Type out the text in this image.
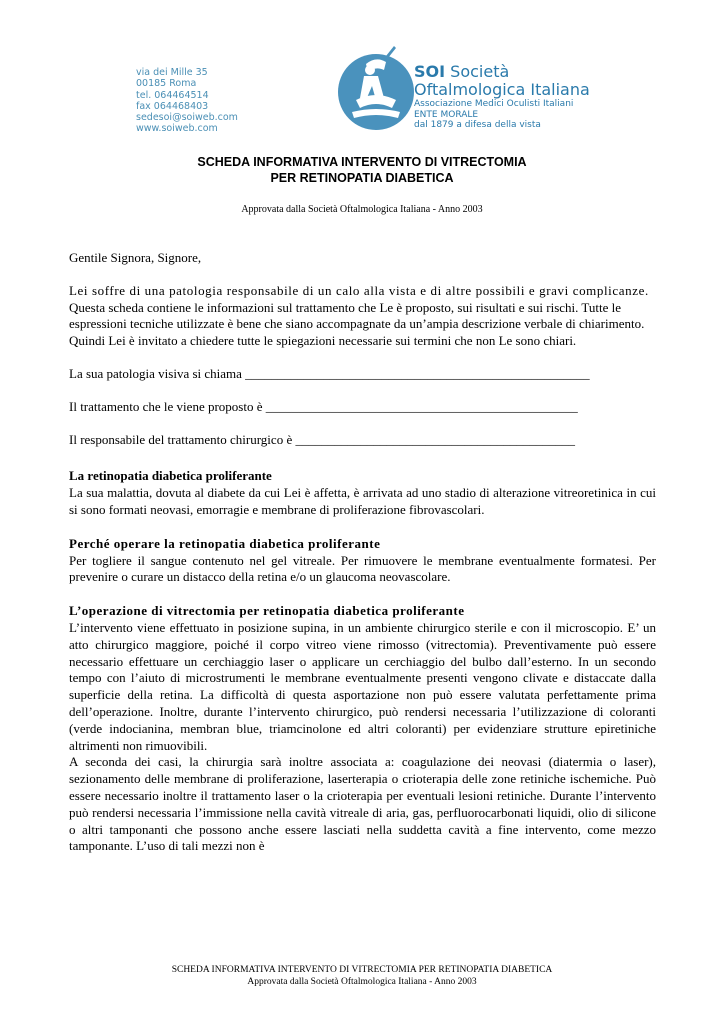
via dei Mille 35
00185 Roma
tel. 064464514
fax 064468403
sedesoi@soiweb.com
www.soiweb.com
SOI Società
Oftalmologica Italiana
Associazione Medici Oculisti Italiani
ENTE MORALE
dal 1879 a difesa della vista
SCHEDA INFORMATIVA INTERVENTO DI VITRECTOMIA
PER RETINOPATIA DIABETICA
Approvata dalla Società Oftalmologica Italiana - Anno 2003

Gentile Signora, Signore,

Lei soffre di una patologia responsabile di un calo alla vista e di altre possibili e gravi complicanze.

Questa scheda contiene le informazioni sul trattamento che Le è proposto, sui risultati e sui rischi. Tutte le espressioni tecniche utilizzate è bene che siano accompagnate da un’ampia descrizione verbale di chiarimento. Quindi Lei è invitato a chiedere tutte le spiegazioni necessarie sui termini che non Le sono chiari.

La sua patologia visiva si chiama _____________________________________________________

Il trattamento che le viene proposto è ________________________________________________

Il responsabile del trattamento chirurgico è ___________________________________________

La retinopatia diabetica proliferante

La sua malattia, dovuta al diabete da cui Lei è affetta, è arrivata ad uno stadio di alterazione vitreoretinica in cui si sono formati neovasi, emorragie e membrane di proliferazione fibrovascolari.

Perché operare la retinopatia diabetica proliferante

Per togliere il sangue contenuto nel gel vitreale. Per rimuovere le membrane eventualmente formatesi. Per prevenire o curare un distacco della retina e/o un glaucoma neovascolare.

L’operazione di vitrectomia per retinopatia diabetica proliferante

L’intervento viene effettuato in posizione supina, in un ambiente chirurgico sterile e con il microscopio. E’ un atto chirurgico maggiore, poiché il corpo vitreo viene rimosso (vitrectomia). Preventivamente può essere necessario effettuare un cerchiaggio laser o applicare un cerchiaggio del bulbo dall’esterno. In un secondo tempo con l’aiuto di microstrumenti le membrane eventualmente presenti vengono clivate e distaccate dalla superficie della retina. La difficoltà di questa asportazione non può essere valutata perfettamente prima dell’operazione. Inoltre, durante l’intervento chirurgico, può rendersi necessaria l’utilizzazione di coloranti (verde indocianina, membran blue, triamcinolone ed altri coloranti) per evidenziare strutture epiretiniche altrimenti non rimuovibili.

A seconda dei casi, la chirurgia sarà inoltre associata a: coagulazione dei neovasi (diatermia o laser), sezionamento delle membrane di proliferazione, laserterapia o crioterapia delle zone retiniche ischemiche. Può essere necessario inoltre il trattamento laser o la crioterapia per eventuali lesioni retiniche. Durante l’intervento può rendersi necessaria l’immissione nella cavità vitreale di aria, gas, perfluorocarbonati liquidi, olio di silicone o altri tamponanti che possono anche essere lasciati nella suddetta cavità a fine intervento, come mezzo tamponante. L’uso di tali mezzi non è

SCHEDA INFORMATIVA INTERVENTO DI VITRECTOMIA PER RETINOPATIA DIABETICA
Approvata dalla Società Oftalmologica Italiana - Anno 2003
